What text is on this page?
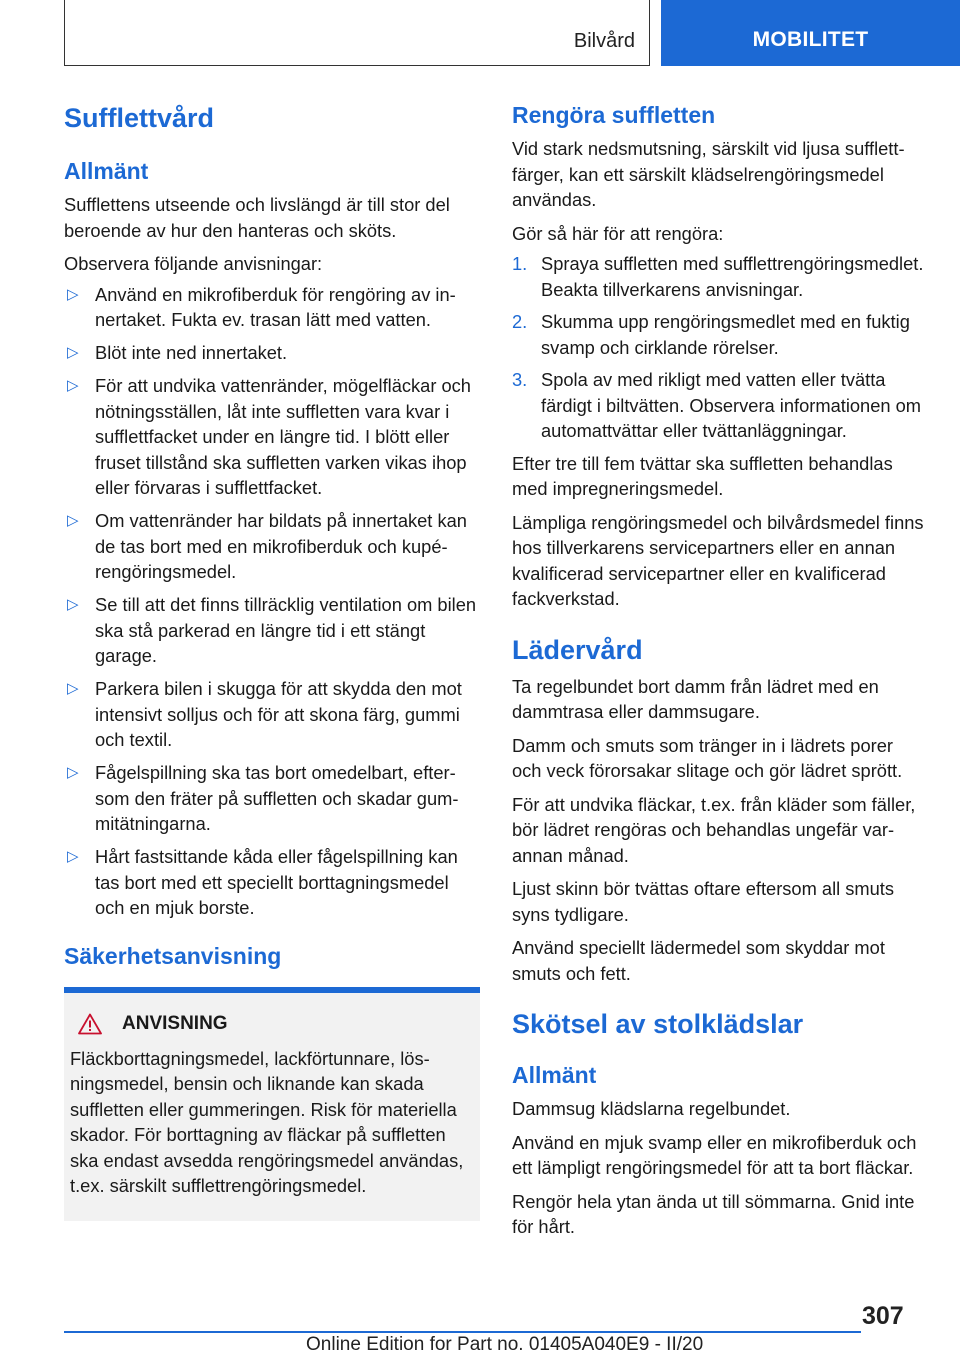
Bilvård	MOBILITET
Sufflettvård
Allmänt
Sufflettens utseende och livslängd är till stor del beroende av hur den hanteras och sköts.
Observera följande anvisningar:
▷ Använd en mikrofiberduk för rengöring av innertaket. Fukta ev. trasan lätt med vatten.
▷ Blöt inte ned innertaket.
▷ För att undvika vattenränder, mögelfläckar och nötningsställen, låt inte suffletten vara kvar i sufflettfacket under en längre tid. I blött eller fruset tillstånd ska suffletten varken vikas ihop eller förvaras i sufflettfacket.
▷ Om vattenränder har bildats på innertaket kan de tas bort med en mikrofiberduk och kupérengöringsmedel.
▷ Se till att det finns tillräcklig ventilation om bilen ska stå parkerad en längre tid i ett stängt garage.
▷ Parkera bilen i skugga för att skydda den mot intensivt solljus och för att skona färg, gummi och textil.
▷ Fågelspillning ska tas bort omedelbart, eftersom den fräter på suffletten och skadar gummitätningarna.
▷ Hårt fastsittande kåda eller fågelspillning kan tas bort med ett speciellt borttagningsmedel och en mjuk borste.
Säkerhetsanvisning
ANVISNING
Fläckborttagningsmedel, lackförtunnare, lösningsmedel, bensin och liknande kan skada suffletten eller gummeringen. Risk för materiella skador. För borttagning av fläckar på suffletten ska endast avsedda rengöringsmedel användas, t.ex. särskilt sufflettrengöringsmedel.
Rengöra suffletten
Vid stark nedsmutsning, särskilt vid ljusa sufflettfärger, kan ett särskilt klädselrengöringsmedel användas.
Gör så här för att rengöra:
1. Spraya suffletten med sufflettrengöringsmedlet. Beakta tillverkarens anvisningar.
2. Skumma upp rengöringsmedlet med en fuktig svamp och cirklande rörelser.
3. Spola av med rikligt med vatten eller tvätta färdigt i biltvätten. Observera informationen om automattvättar eller tvättanläggningar.
Efter tre till fem tvättar ska suffletten behandlas med impregneringsmedel.
Lämpliga rengöringsmedel och bilvårdsmedel finns hos tillverkarens servicepartners eller en annan kvalificerad servicepartner eller en kvalificerad fackverkstad.
Lädervård
Ta regelbundet bort damm från lädret med en dammtrasa eller dammsugare.
Damm och smuts som tränger in i lädrets porer och veck förorsakar slitage och gör lädret sprött.
För att undvika fläckar, t.ex. från kläder som fäller, bör lädret rengöras och behandlas ungefär varannan månad.
Ljust skinn bör tvättas oftare eftersom all smuts syns tydligare.
Använd speciellt lädermedel som skyddar mot smuts och fett.
Skötsel av stolklädslar
Allmänt
Dammsug klädslarna regelbundet.
Använd en mjuk svamp eller en mikrofiberduk och ett lämpligt rengöringsmedel för att ta bort fläckar.
Rengör hela ytan ända ut till sömmarna. Gnid inte för hårt.
307
Online Edition for Part no. 01405A040E9 - II/20
